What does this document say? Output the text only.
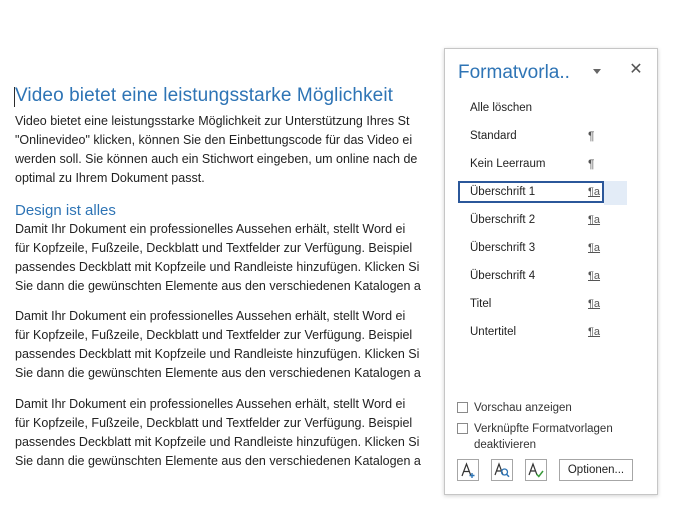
Video bietet eine leistungsstarke Möglichkeit
Video bietet eine leistungsstarke Möglichkeit zur Unterstützung Ihres St
"Onlinevideo" klicken, können Sie den Einbettungscode für das Video ei
werden soll. Sie können auch ein Stichwort eingeben, um online nach de
optimal zu Ihrem Dokument passt.
Design ist alles
Damit Ihr Dokument ein professionelles Aussehen erhält, stellt Word ei
für Kopfzeile, Fußzeile, Deckblatt und Textfelder zur Verfügung. Beispiel
passendes Deckblatt mit Kopfzeile und Randleiste hinzufügen. Klicken Si
Sie dann die gewünschten Elemente aus den verschiedenen Katalogen a
Damit Ihr Dokument ein professionelles Aussehen erhält, stellt Word ei
für Kopfzeile, Fußzeile, Deckblatt und Textfelder zur Verfügung. Beispiel
passendes Deckblatt mit Kopfzeile und Randleiste hinzufügen. Klicken Si
Sie dann die gewünschten Elemente aus den verschiedenen Katalogen a
Damit Ihr Dokument ein professionelles Aussehen erhält, stellt Word ei
für Kopfzeile, Fußzeile, Deckblatt und Textfelder zur Verfügung. Beispiel
passendes Deckblatt mit Kopfzeile und Randleiste hinzufügen. Klicken Si
Sie dann die gewünschten Elemente aus den verschiedenen Katalogen a
Formatvorla..	✕
Alle löschen
Standard	¶
Kein Leerraum	¶
Überschrift 1	¶a
Überschrift 2	¶a
Überschrift 3	¶a
Überschrift 4	¶a
Titel	¶a
Untertitel	¶a
Vorschau anzeigen
Verknüpfte Formatvorlagen
deaktivieren
Optionen...
